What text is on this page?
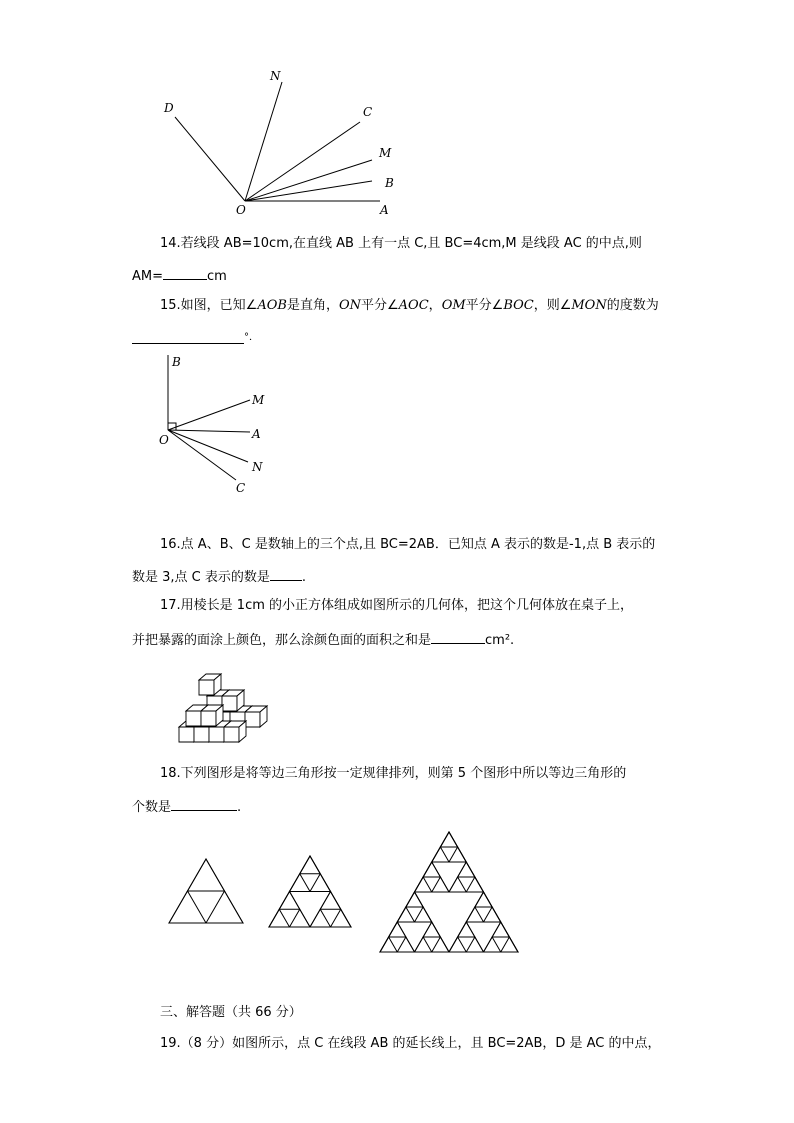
N
D	C
M
B
O	A
14.若线段 AB=10cm,在直线 AB 上有一点 C,且 BC=4cm,M 是线段 AC 的中点,则
AM=	cm
15.如图，已知∠AOB是直角，ON平分∠AOC，OM平分∠BOC，则∠MON的度数为
°．
B
M
O	A
N
C
16.点 A、B、C 是数轴上的三个点,且 BC=2AB．已知点 A 表示的数是-1,点 B 表示的
数是 3,点 C 表示的数是 .
17.用棱长是 1cm 的小正方体组成如图所示的几何体，把这个几何体放在桌子上，
并把暴露的面涂上颜色，那么涂颜色面的面积之和是	cm².
18.下列图形是将等边三角形按一定规律排列，则第 5 个图形中所以等边三角形的
个数是	.
三、解答题（共 66 分）
19.（8 分）如图所示，点 C 在线段 AB 的延长线上，且 BC=2AB，D 是 AC 的中点，
